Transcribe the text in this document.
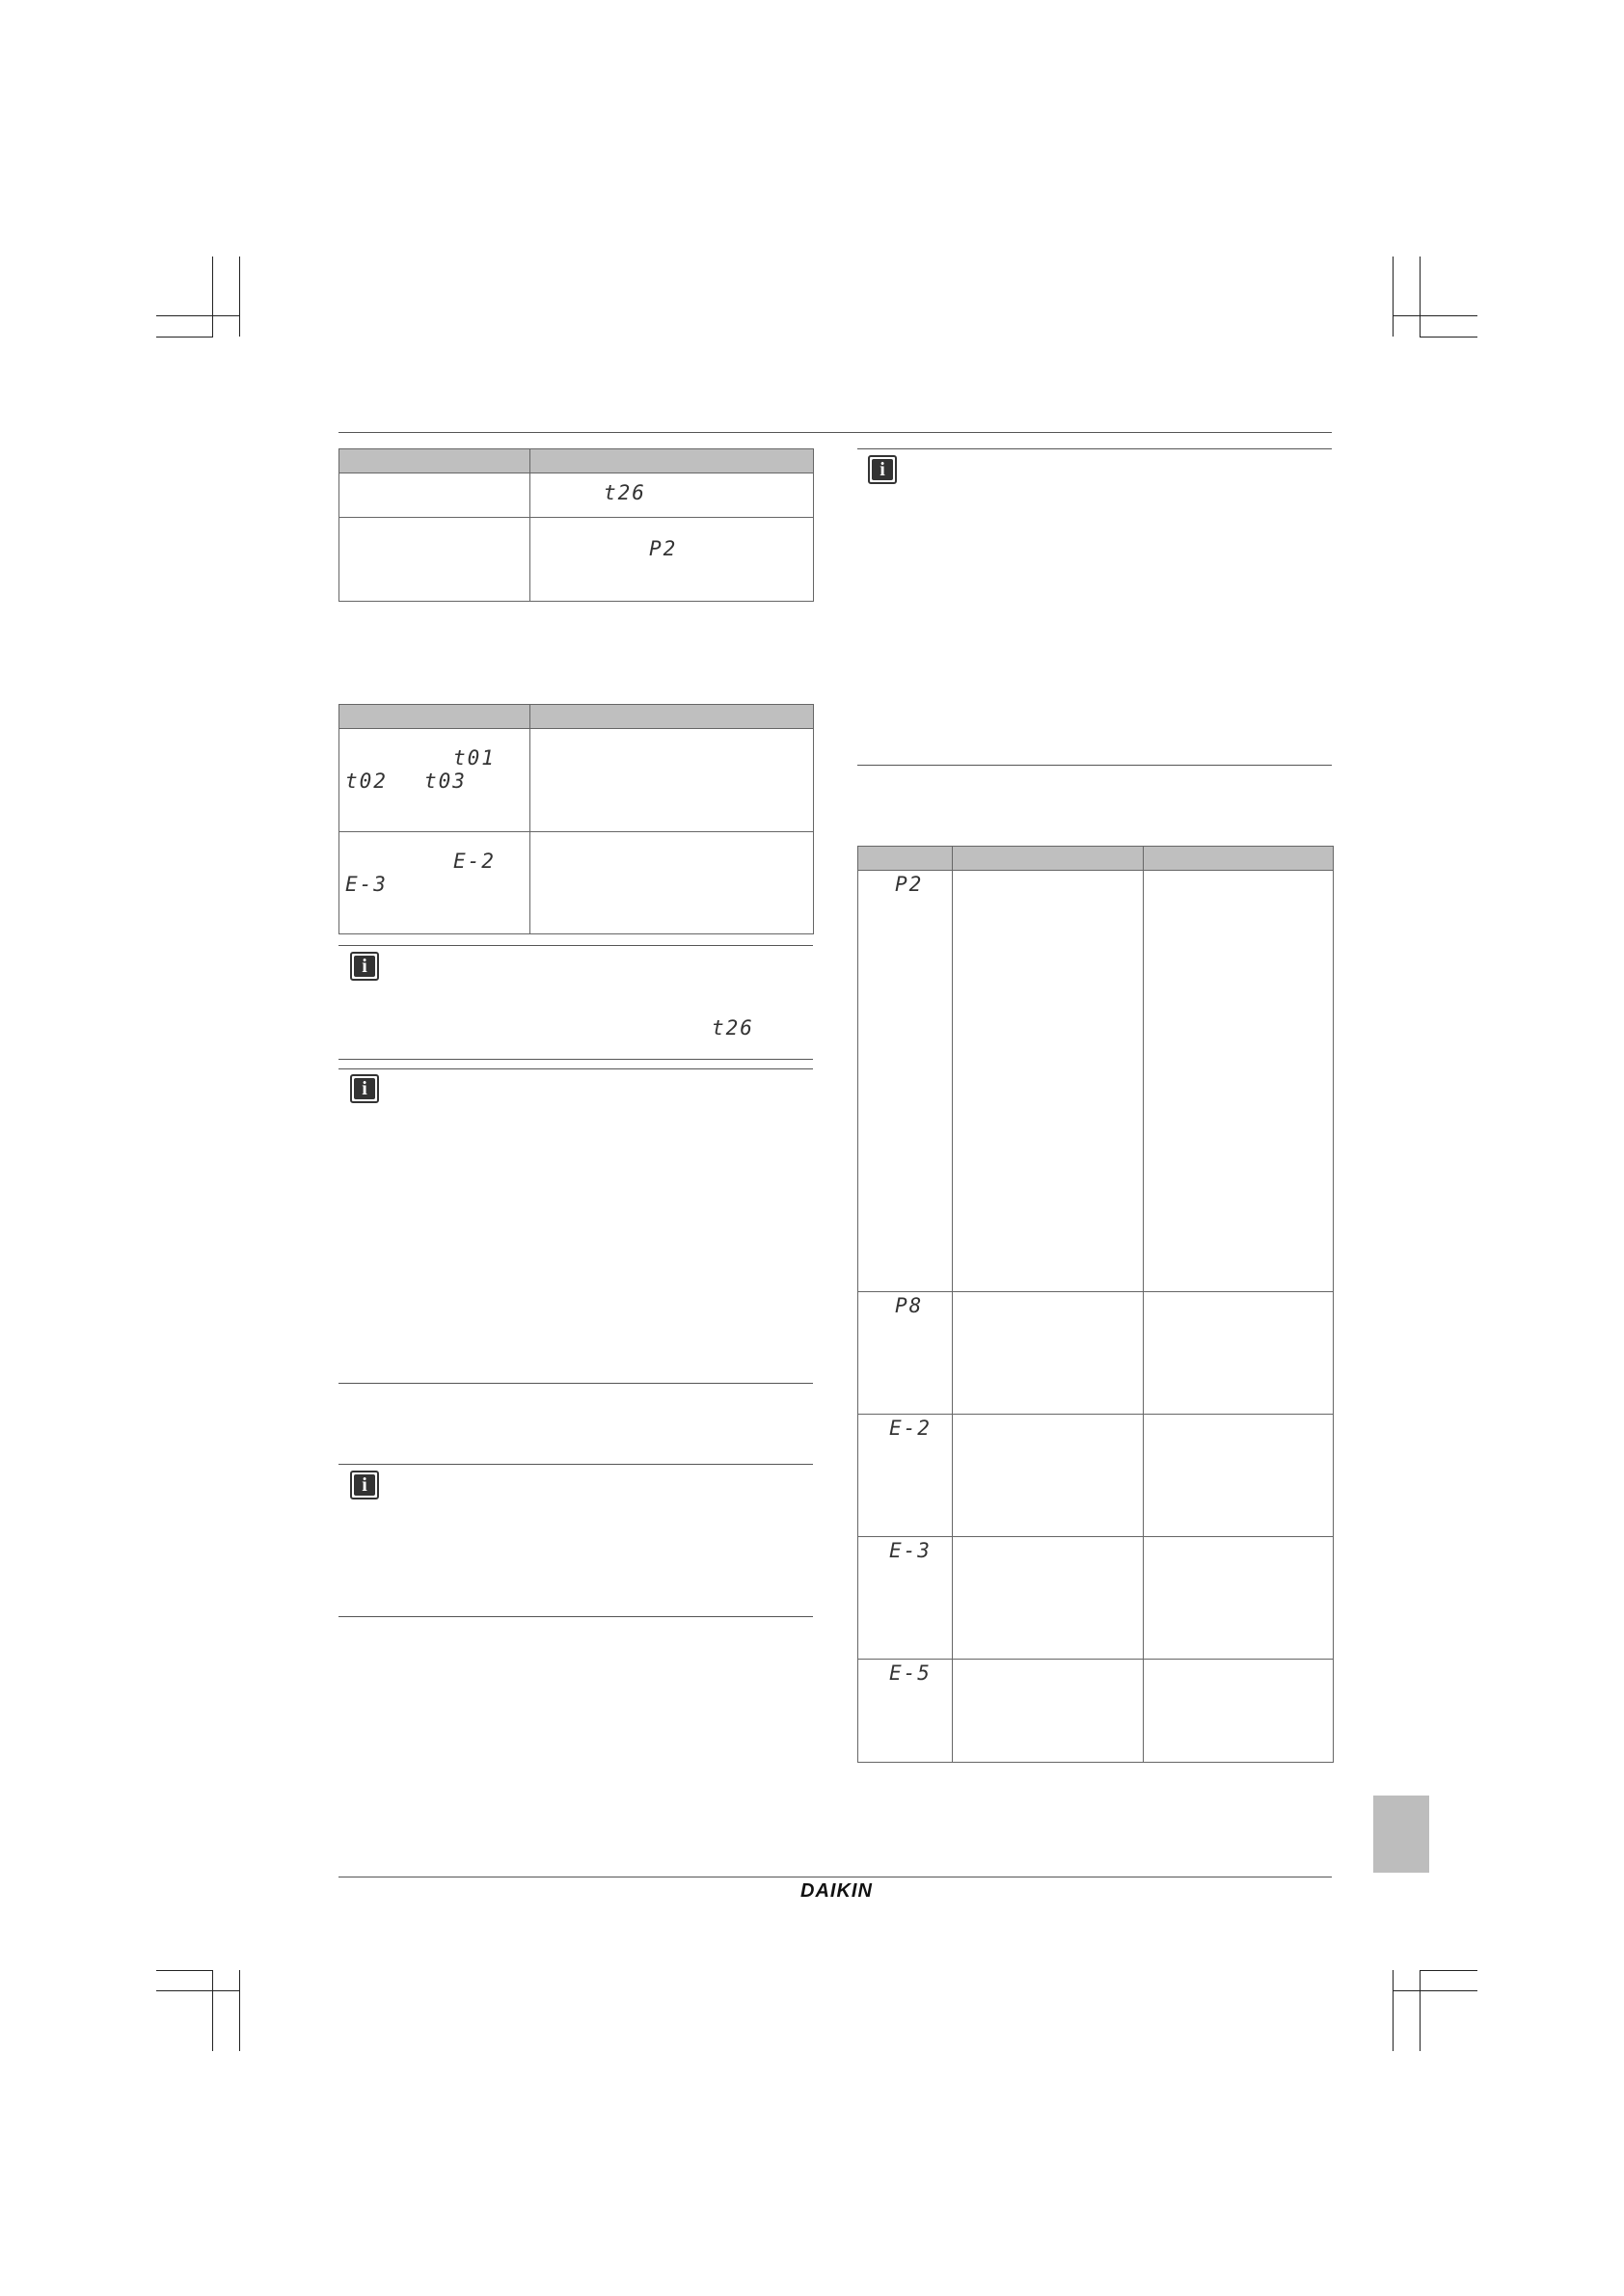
	t26

	P2

t01
t02 t03	

E-2
E-3	

i
t26
i
i
i

P2		

P8		

E-2		

E-3		

E-5		

DAIKIN
